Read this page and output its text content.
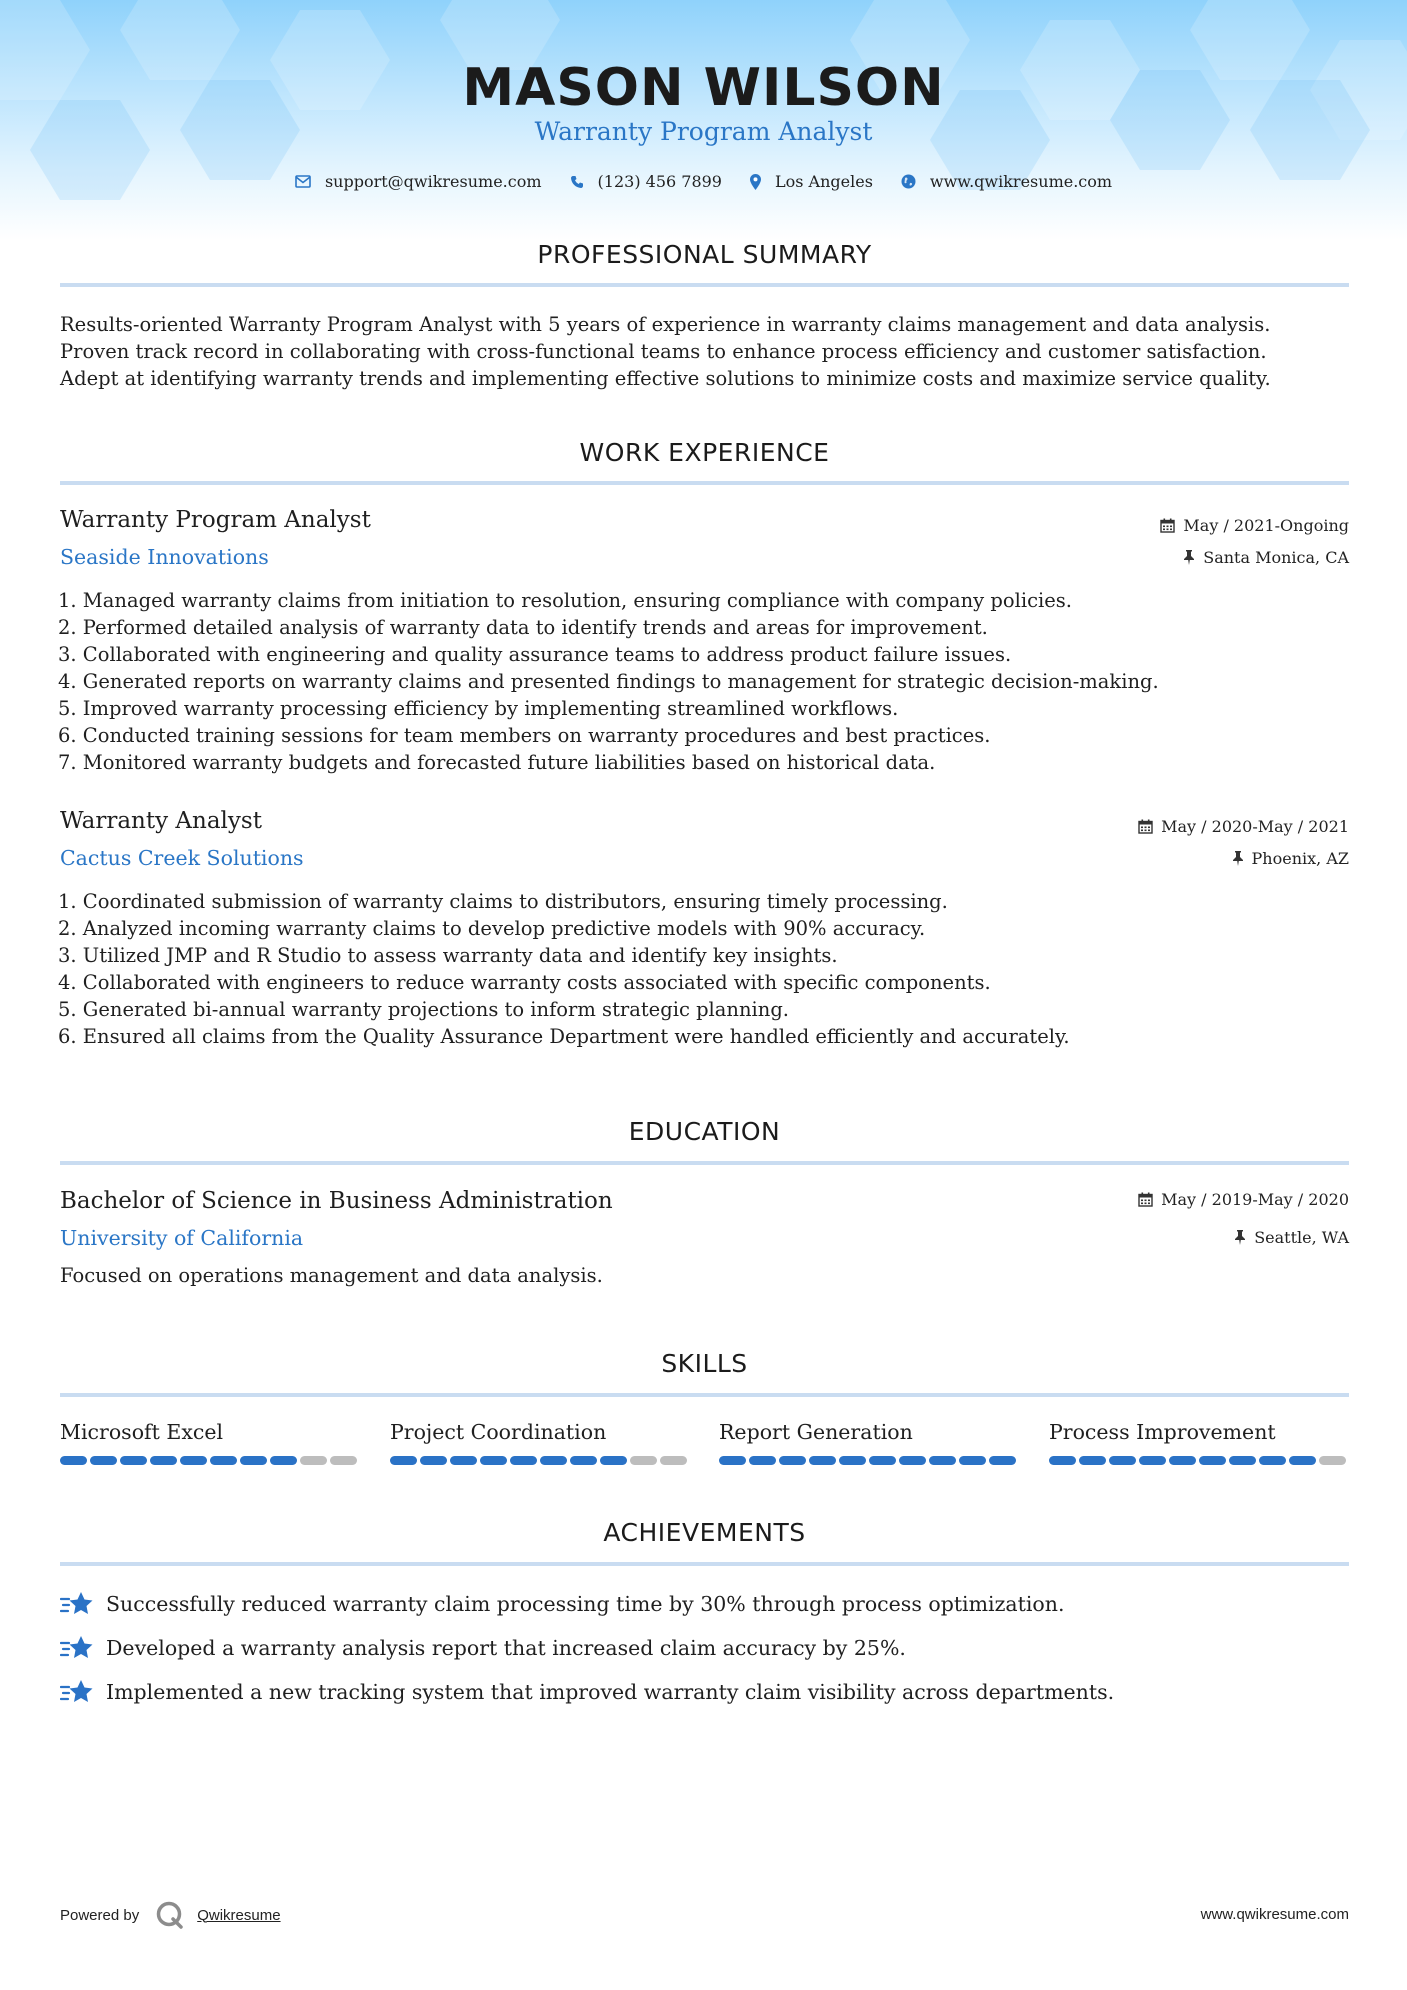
MASON WILSON
Warranty Program Analyst
support@qwikresume.com	(123) 456 7899	Los Angeles	www.qwikresume.com
PROFESSIONAL SUMMARY
Results-oriented Warranty Program Analyst with 5 years of experience in warranty claims management and data analysis.
Proven track record in collaborating with cross-functional teams to enhance process efficiency and customer satisfaction.
Adept at identifying warranty trends and implementing effective solutions to minimize costs and maximize service quality.
WORK EXPERIENCE
Warranty Program Analyst
Seaside Innovations
May / 2021-Ongoing
Santa Monica, CA
1. Managed warranty claims from initiation to resolution, ensuring compliance with company policies.
2. Performed detailed analysis of warranty data to identify trends and areas for improvement.
3. Collaborated with engineering and quality assurance teams to address product failure issues.
4. Generated reports on warranty claims and presented findings to management for strategic decision-making.
5. Improved warranty processing efficiency by implementing streamlined workflows.
6. Conducted training sessions for team members on warranty procedures and best practices.
7. Monitored warranty budgets and forecasted future liabilities based on historical data.
Warranty Analyst
Cactus Creek Solutions
May / 2020-May / 2021
Phoenix, AZ
1. Coordinated submission of warranty claims to distributors, ensuring timely processing.
2. Analyzed incoming warranty claims to develop predictive models with 90% accuracy.
3. Utilized JMP and R Studio to assess warranty data and identify key insights.
4. Collaborated with engineers to reduce warranty costs associated with specific components.
5. Generated bi-annual warranty projections to inform strategic planning.
6. Ensured all claims from the Quality Assurance Department were handled efficiently and accurately.
EDUCATION
Bachelor of Science in Business Administration
University of California
May / 2019-May / 2020
Seattle, WA
Focused on operations management and data analysis.
SKILLS
Microsoft Excel	Project Coordination	Report Generation	Process Improvement
ACHIEVEMENTS
Successfully reduced warranty claim processing time by 30% through process optimization.
Developed a warranty analysis report that increased claim accuracy by 25%.
Implemented a new tracking system that improved warranty claim visibility across departments.
Powered by	Qwikresume	www.qwikresume.com
